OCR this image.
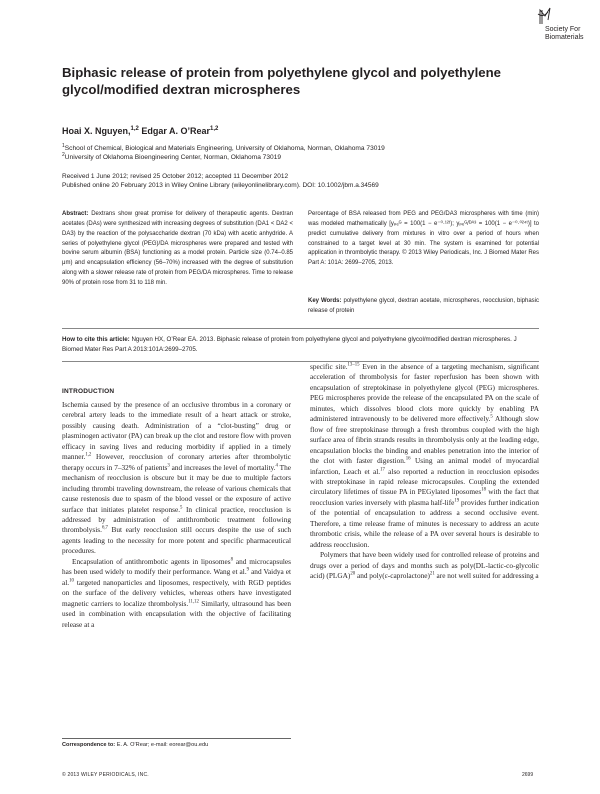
Society For
Biomaterials
Biphasic release of protein from polyethylene glycol and polyethylene glycol/modified dextran microspheres
Hoai X. Nguyen,$^{1,2}$ Edgar A. O’Rear$^{1,2}$
$^1$School of Chemical, Biological and Materials Engineering, University of Oklahoma, Norman, Oklahoma 73019
$^2$University of Oklahoma Bioengineering Center, Norman, Oklahoma 73019
Received 1 June 2012; revised 25 October 2012; accepted 11 December 2012
Published online 20 February 2013 in Wiley Online Library (wileyonlinelibrary.com). DOI: 10.1002/jbm.a.34569
Abstract: Dextrans show great promise for delivery of therapeutic agents. Dextran acetates (DAs) were synthesized with increasing degrees of substitution (DA1 < DA2 < DA3) by the reaction of the polysaccharide dextran (70 kDa) with acetic anhydride. A series of polyethylene glycol (PEG)/DA microspheres were prepared and tested with bovine serum albumin (BSA) functioning as a model protein. Particle size (0.74–0.85 μm) and encapsulation efficiency (56–70%) increased with the degree of substitution along with a slower release rate of protein from PEG/DA microspheres. Time to release 90% of protein rose from 31 to 118 min.
Percentage of BSA released from PEG and PEG/DA3 microspheres with time (min) was modeled mathematically [yₚₑᴳ = 100(1 − e⁻⁰·¹²ᵗ); yₚₑᴳ/ᴰᴬ³ = 100(1 − e⁻⁰·⁰²⁴ᵗ)] to predict cumulative delivery from mixtures in vitro over a period of hours when constrained to a target level at 30 min. The system is examined for potential application in thrombolytic therapy. © 2013 Wiley Periodicals, Inc. J Biomed Mater Res Part A: 101A: 2699–2705, 2013.
Key Words: polyethylene glycol, dextran acetate, microspheres, reocclusion, biphasic release of protein
How to cite this article: Nguyen HX, O’Rear EA. 2013. Biphasic release of protein from polyethylene glycol and polyethylene glycol/modified dextran microspheres. J Biomed Mater Res Part A 2013:101A:2699–2705.
INTRODUCTION

Ischemia caused by the presence of an occlusive thrombus in a coronary or cerebral artery leads to the immediate result of a heart attack or stroke, possibly causing death. Administration of a “clot-busting” drug or plasminogen activator (PA) can break up the clot and restore flow with proven efficacy in saving lives and reducing morbidity if applied in a timely manner.$^{1,2}$ However, reocclusion of coronary arteries after thrombolytic therapy occurs in 7–32% of patients$^3$ and increases the level of mortality.$^4$ The mechanism of reocclusion is obscure but it may be due to multiple factors including thrombi traveling downstream, the release of various chemicals that cause restenosis due to spasm of the blood vessel or the exposure of active surface that initiates platelet response.$^5$ In clinical practice, reocclusion is addressed by administration of antithrombotic treatment following thrombolysis.$^{6,7}$ But early reocclusion still occurs despite the use of such agents leading to the necessity for more potent and specific pharmaceutical procedures.

Encapsulation of antithrombotic agents in liposomes$^8$ and microcapsules has been used widely to modify their performance. Wang et al.$^9$ and Vaidya et al.$^{10}$ targeted nanoparticles and liposomes, respectively, with RGD peptides on the surface of the delivery vehicles, whereas others have investigated magnetic carriers to localize thrombolysis.$^{11,12}$ Similarly, ultrasound has been used in combination with encapsulation with the objective of facilitating release at a

specific site.$^{13-15}$ Even in the absence of a targeting mechanism, significant acceleration of thrombolysis for faster reperfusion has been shown with encapsulation of streptokinase in polyethylene glycol (PEG) microspheres. PEG microspheres provide the release of the encapsulated PA on the scale of minutes, which dissolves blood clots more quickly by enabling PA administered intravenously to be delivered more effectively.$^5$ Although slow flow of free streptokinase through a fresh thrombus coupled with the high surface area of fibrin strands results in thrombolysis only at the leading edge, encapsulation blocks the binding and enables penetration into the interior of the clot with faster digestion.$^{16}$ Using an animal model of myocardial infarction, Leach et al.$^{17}$ also reported a reduction in reocclusion episodes with streptokinase in rapid release microcapsules. Coupling the extended circulatory lifetimes of tissue PA in PEGylated liposomes$^{18}$ with the fact that reocclusion varies inversely with plasma half-life$^{19}$ provides further indication of the potential of encapsulation to address a second occlusive event. Therefore, a time release frame of minutes is necessary to address an acute thrombotic crisis, while the release of a PA over several hours is desirable to address reocclusion.

Polymers that have been widely used for controlled release of proteins and drugs over a period of days and months such as poly(DL-lactic-co-glycolic acid) (PLGA)$^{20}$ and poly(ε-caprolactone)$^{21}$ are not well suited for addressing a

Correspondence to: E. A. O’Rear; e-mail: eorear@ou.edu
© 2013 WILEY PERIODICALS, INC.	2699
